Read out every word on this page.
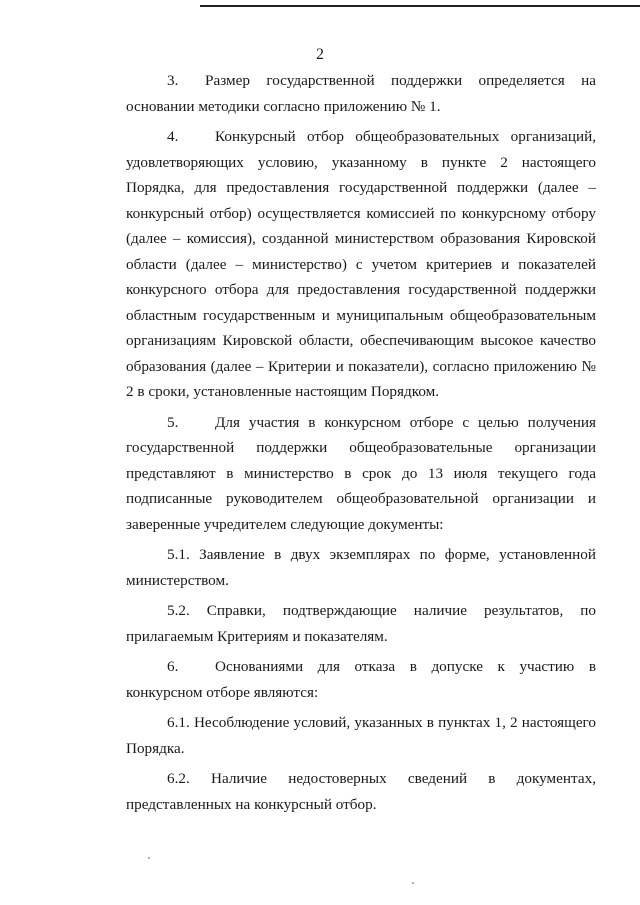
2

3. Размер государственной поддержки определяется на основании методики согласно приложению № 1.

4. Конкурсный отбор общеобразовательных организаций, удовлетворяющих условию, указанному в пункте 2 настоящего Порядка, для предоставления государственной поддержки (далее – конкурсный отбор) осуществляется комиссией по конкурсному отбору (далее – комиссия), созданной министерством образования Кировской области (далее – министерство) с учетом критериев и показателей конкурсного отбора для предоставления государственной поддержки областным государственным и муниципальным общеобразовательным организациям Кировской области, обеспечивающим высокое качество образования (далее – Критерии и показатели), согласно приложению № 2 в сроки, установленные настоящим Порядком.

5. Для участия в конкурсном отборе с целью получения государственной поддержки общеобразовательные организации представляют в министерство в срок до 13 июля текущего года подписанные руководителем общеобразовательной организации и заверенные учредителем следующие документы:

5.1. Заявление в двух экземплярах по форме, установленной министерством.

5.2. Справки, подтверждающие наличие результатов, по прилагаемым Критериям и показателям.

6. Основаниями для отказа в допуске к участию в конкурсном отборе являются:

6.1. Несоблюдение условий, указанных в пунктах 1, 2 настоящего Порядка.

6.2. Наличие недостоверных сведений в документах, представленных на конкурсный отбор.
